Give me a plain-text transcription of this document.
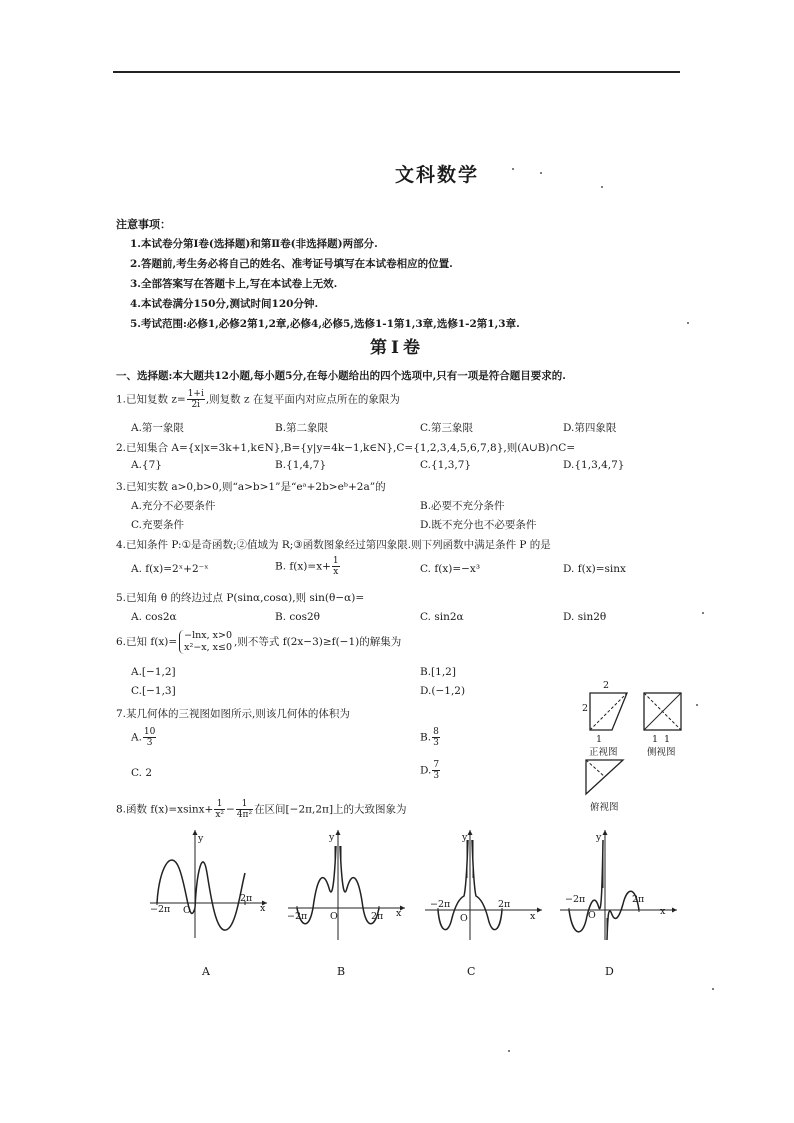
文科数学
注意事项：
1.本试卷分第Ⅰ卷(选择题)和第Ⅱ卷(非选择题)两部分.
2.答题前,考生务必将自己的姓名、准考证号填写在本试卷相应的位置.
3.全部答案写在答题卡上,写在本试卷上无效.
4.本试卷满分150分,测试时间120分钟.
5.考试范围:必修1,必修2第1,2章,必修4,必修5,选修1-1第1,3章,选修1-2第1,3章.
第Ⅰ卷
一、选择题:本大题共12小题,每小题5分,在每小题给出的四个选项中,只有一项是符合题目要求的.
1.已知复数 $z= \frac{1+i}{2i}$ ,则复数 z 在复平面内对应点所在的象限为
A.第一象限	B.第二象限	C.第三象限	D.第四象限
2.已知集合 A={x|x=3k+1,k∈N},B={y|y=4k−1,k∈N},C={1,2,3,4,5,6,7,8},则(A∪B)∩C=
A.{7}	B.{1,4,7}	C.{1,3,7}	D.{1,3,4,7}
3.已知实数 a>0,b>0,则“a>b>1”是“eᵃ+2b>eᵇ+2a”的
A.充分不必要条件	B.必要不充分条件
C.充要条件	D.既不充分也不必要条件
4.已知条件 P:①是奇函数;②值域为 R;③函数图象经过第四象限.则下列函数中满足条件 P 的是
A. f(x)=2ˣ+2⁻ˣ	B. $f(x)=x+ \frac{1}{x}$	C. f(x)=−x³	D. f(x)=sinx
5.已知角 θ 的终边过点 P(sinα,cosα),则 sin(θ−α)=
A. cos2α	B. cos2θ	C. sin2α	D. sin2θ
6.已知 f(x)=
−lnx, x>0
x²−x, x≤0 ,则不等式 f(2x−3)≥f(−1)的解集为
A.[−1,2]	B.[1,2]
C.[−1,3]	D.(−1,2)
7.某几何体的三视图如图所示,则该几何体的体积为
A. $\frac{10}{3}$	B. $\frac{8}{3}$
C. 2	D. $\frac{7}{3}$
2
2
1
正视图
1 1
侧视图
俯视图
8.函数 $f(x)=xsinx+ \frac{1}{\text{x²}} - \frac{1}{\text{4π²}}$ 在区间[−2π,2π]上的大致图象为
−2π
2π
O	x
y
A
−2π	2π
O	x
y
B
−2π	2π
O	x
y
C
−2π	2π
O	x
y
D
